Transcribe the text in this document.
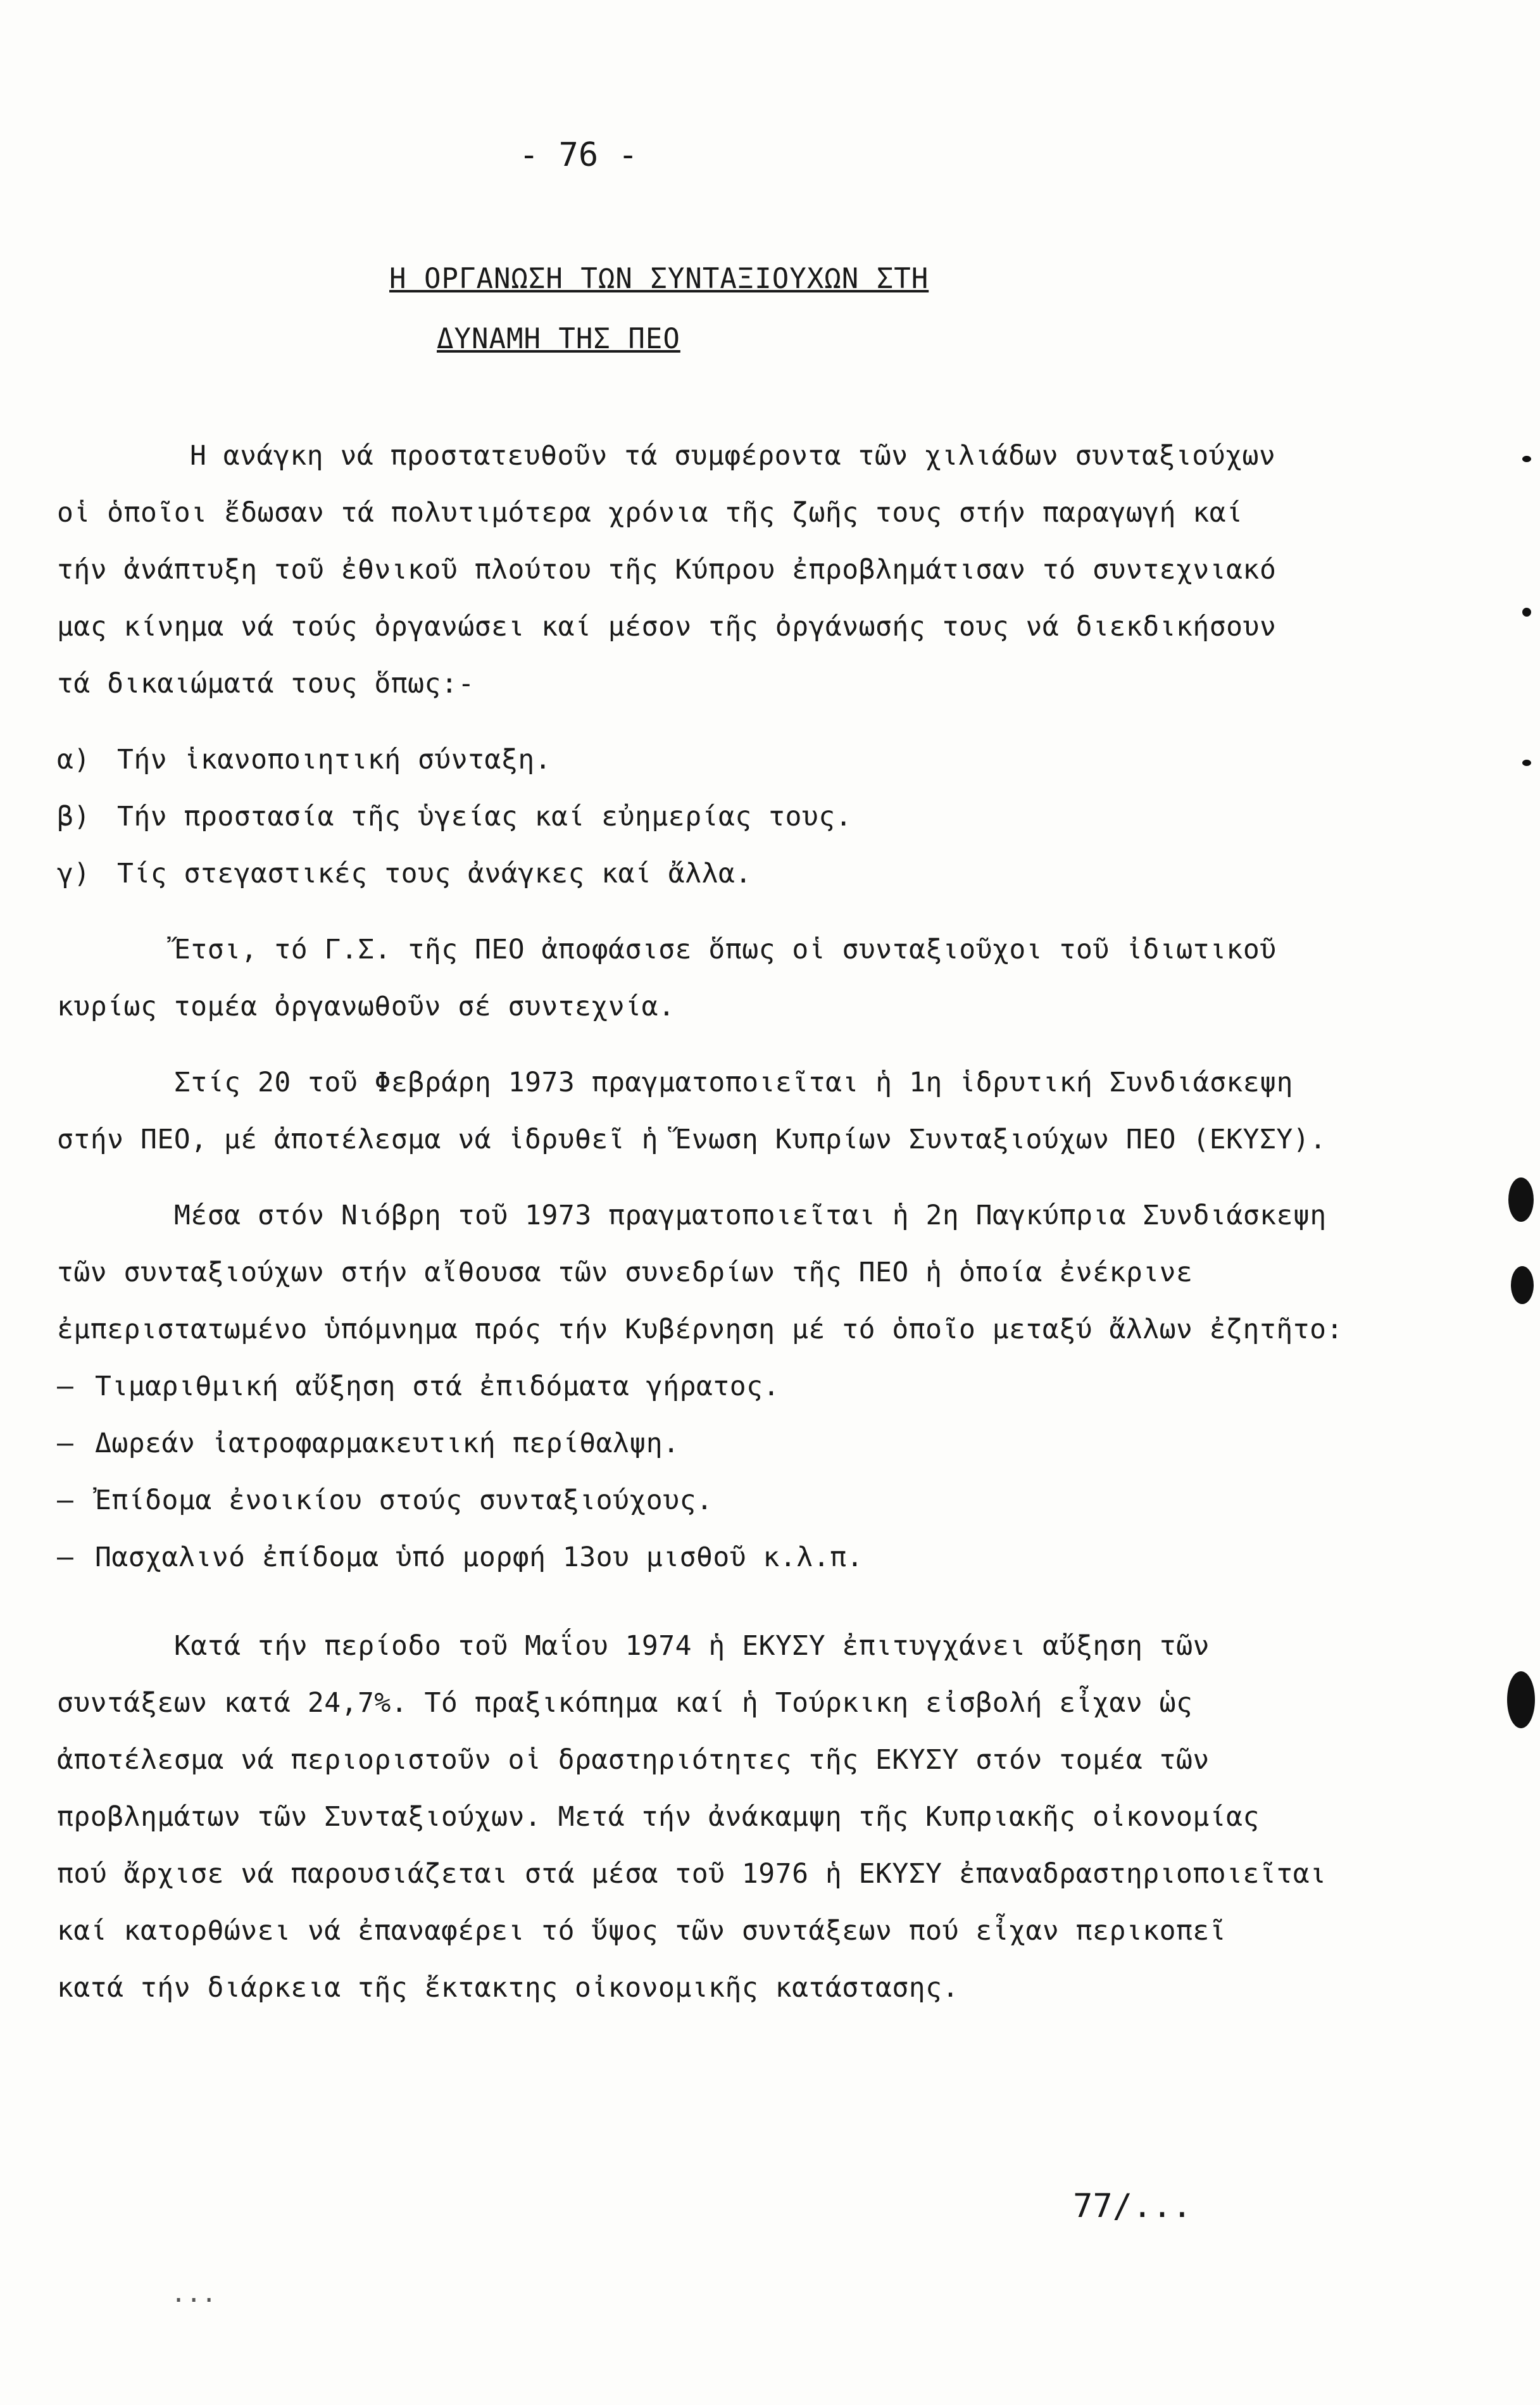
- 76 -
Η ΟΡΓΑΝΩΣΗ ΤΩΝ ΣΥΝΤΑΞΙΟΥΧΩΝ ΣΤΗ
ΔΥΝΑΜΗ ΤΗΣ ΠΕΟ
Η ανάγκη νά προστατευθοῦν τά συμφέροντα τῶν χιλιάδων συνταξιούχων
οἱ ὁποῖοι ἔδωσαν τά πολυτιμότερα χρόνια τῆς ζωῆς τους στήν παραγωγή καί
τήν ἀνάπτυξη τοῦ ἐθνικοῦ πλούτου τῆς Κύπρου ἐπροβλημάτισαν τό συντεχνιακό
μας κίνημα νά τούς ὀργανώσει καί μέσον τῆς ὀργάνωσής τους νά διεκδικήσουν
τά δικαιώματά τους ὅπως:-
α) Τήν ἱκανοποιητική σύνταξη.
β) Τήν προστασία τῆς ὑγείας καί εὐημερίας τους.
γ) Τίς στεγαστικές τους ἀνάγκες καί ἄλλα.
Ἔτσι, τό Γ.Σ. τῆς ΠΕΟ ἀποφάσισε ὅπως οἱ συνταξιοῦχοι τοῦ ἰδιωτικοῦ
κυρίως τομέα ὀργανωθοῦν σέ συντεχνία.
Στίς 20 τοῦ Φεβράρη 1973 πραγματοποιεῖται ἡ 1η ἱδρυτική Συνδιάσκεψη
στήν ΠΕΟ, μέ ἀποτέλεσμα νά ἱδρυθεῖ ἡ Ἕνωση Κυπρίων Συνταξιούχων ΠΕΟ (ΕΚΥΣΥ).
Μέσα στόν Νιόβρη τοῦ 1973 πραγματοποιεῖται ἡ 2η Παγκύπρια Συνδιάσκεψη
τῶν συνταξιούχων στήν αἴθουσα τῶν συνεδρίων τῆς ΠΕΟ ἡ ὁποία ἐνέκρινε
ἐμπεριστατωμένο ὑπόμνημα πρός τήν Κυβέρνηση μέ τό ὁποῖο μεταξύ ἄλλων ἐζητῆτο:
– Τιμαριθμική αὔξηση στά ἐπιδόματα γήρατος.
– Δωρεάν ἰατροφαρμακευτική περίθαλψη.
– Ἐπίδομα ἐνοικίου στούς συνταξιούχους.
– Πασχαλινό ἐπίδομα ὑπό μορφή 13ου μισθοῦ κ.λ.π.
Κατά τήν περίοδο τοῦ Μαΐου 1974 ἡ ΕΚΥΣΥ ἐπιτυγχάνει αὔξηση τῶν
συντάξεων κατά 24,7%. Τό πραξικόπημα καί ἡ Τούρκικη εἰσβολή εἶχαν ὡς
ἀποτέλεσμα νά περιοριστοῦν οἱ δραστηριότητες τῆς ΕΚΥΣΥ στόν τομέα τῶν
προβλημάτων τῶν Συνταξιούχων. Μετά τήν ἀνάκαμψη τῆς Κυπριακῆς οἰκονομίας
πού ἄρχισε νά παρουσιάζεται στά μέσα τοῦ 1976 ἡ ΕΚΥΣΥ ἐπαναδραστηριοποιεῖται
καί κατορθώνει νά ἐπαναφέρει τό ὕψος τῶν συντάξεων πού εἶχαν περικοπεῖ
κατά τήν διάρκεια τῆς ἔκτακτης οἰκονομικῆς κατάστασης.
77/...
...
